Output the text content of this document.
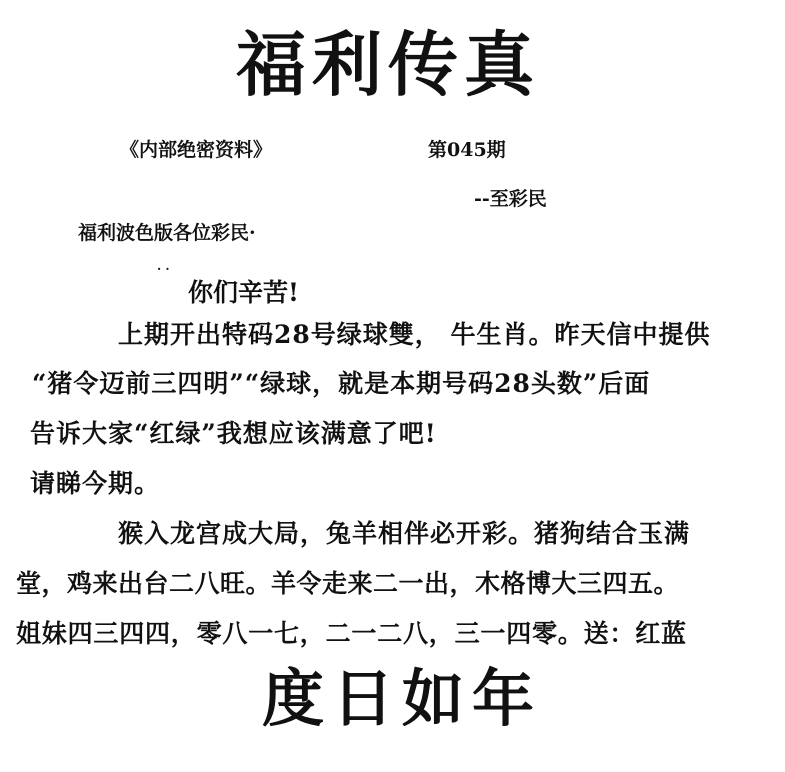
福利传真
《内部绝密资料》	第045期
--至彩民
福利波色版各位彩民·
· ·
你们辛苦!
上期开出特码28号绿球雙， 牛生肖。昨天信中提供
“猪令迈前三四明”“绿球，就是本期号码28头数”后面
告诉大家“红绿”我想应该满意了吧!
请睇今期。
猴入龙宫成大局，兔羊相伴必开彩。猪狗结合玉满
堂，鸡来出台二八旺。羊令走来二一出，木格博大三四五。
姐妹四三四四，零八一七，二一二八，三一四零。送：红蓝
度日如年
